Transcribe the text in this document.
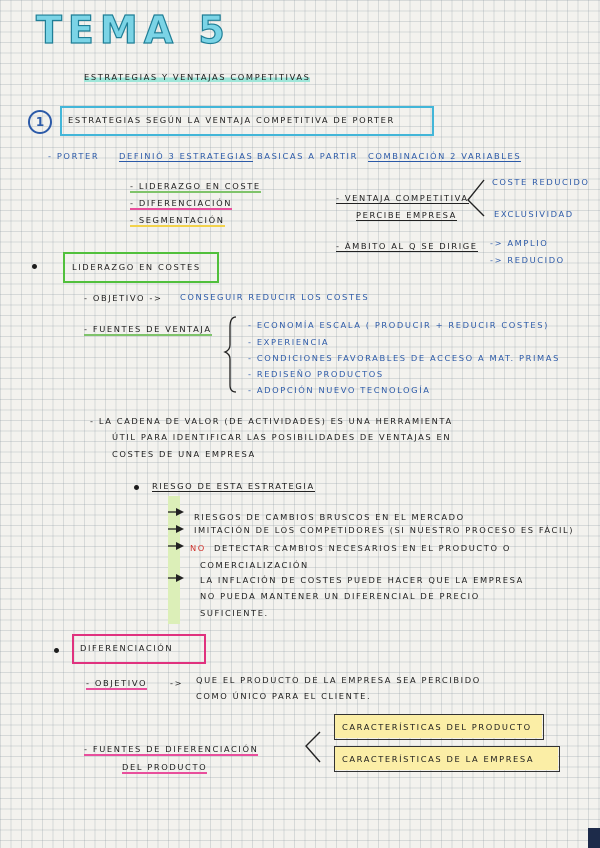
TEMA 5
ESTRATEGIAS Y VENTAJAS COMPETITIVAS
1	ESTRATEGIAS SEGÚN LA VENTAJA COMPETITIVA DE PORTER
- PORTER DEFINIÓ 3 ESTRATEGIAS BASICAS A PARTIR COMBINACIÓN 2 VARIABLES
- LIDERAZGO EN COSTE
- DIFERENCIACIÓN
- SEGMENTACIÓN
- VENTAJA COMPETITIVA
PERCIBE EMPRESA
COSTE REDUCIDO
EXCLUSIVIDAD
- ÁMBITO AL Q SE DIRIGE -> AMPLIO
-> REDUCIDO
LIDERAZGO EN COSTES
- OBJETIVO -> CONSEGUIR REDUCIR LOS COSTES
- FUENTES DE VENTAJA	- ECONOMÍA ESCALA ( PRODUCIR + REDUCIR COSTES)
- EXPERIENCIA
- CONDICIONES FAVORABLES DE ACCESO A MAT. PRIMAS
- REDISEÑO PRODUCTOS
- ADOPCIÓN NUEVO TECNOLOGÍA
- LA CADENA DE VALOR (DE ACTIVIDADES) ES UNA HERRAMIENTA
ÚTIL PARA IDENTIFICAR LAS POSIBILIDADES DE VENTAJAS EN
COSTES DE UNA EMPRESA
RIESGO DE ESTA ESTRATEGIA
RIESGOS DE CAMBIOS BRUSCOS EN EL MERCADO
IMITACIÓN DE LOS COMPETIDORES (SI NUESTRO PROCESO ES FÁCIL)
NO DETECTAR CAMBIOS NECESARIOS EN EL PRODUCTO O
COMERCIALIZACIÓN
LA INFLACIÓN DE COSTES PUEDE HACER QUE LA EMPRESA
NO PUEDA MANTENER UN DIFERENCIAL DE PRECIO
SUFICIENTE.
DIFERENCIACIÓN
- OBJETIVO	-> QUE EL PRODUCTO DE LA EMPRESA SEA PERCIBIDO
COMO ÚNICO PARA EL CLIENTE.
- FUENTES DE DIFERENCIACIÓN
DEL PRODUCTO
CARACTERÍSTICAS DEL PRODUCTO
CARACTERÍSTICAS DE LA EMPRESA
